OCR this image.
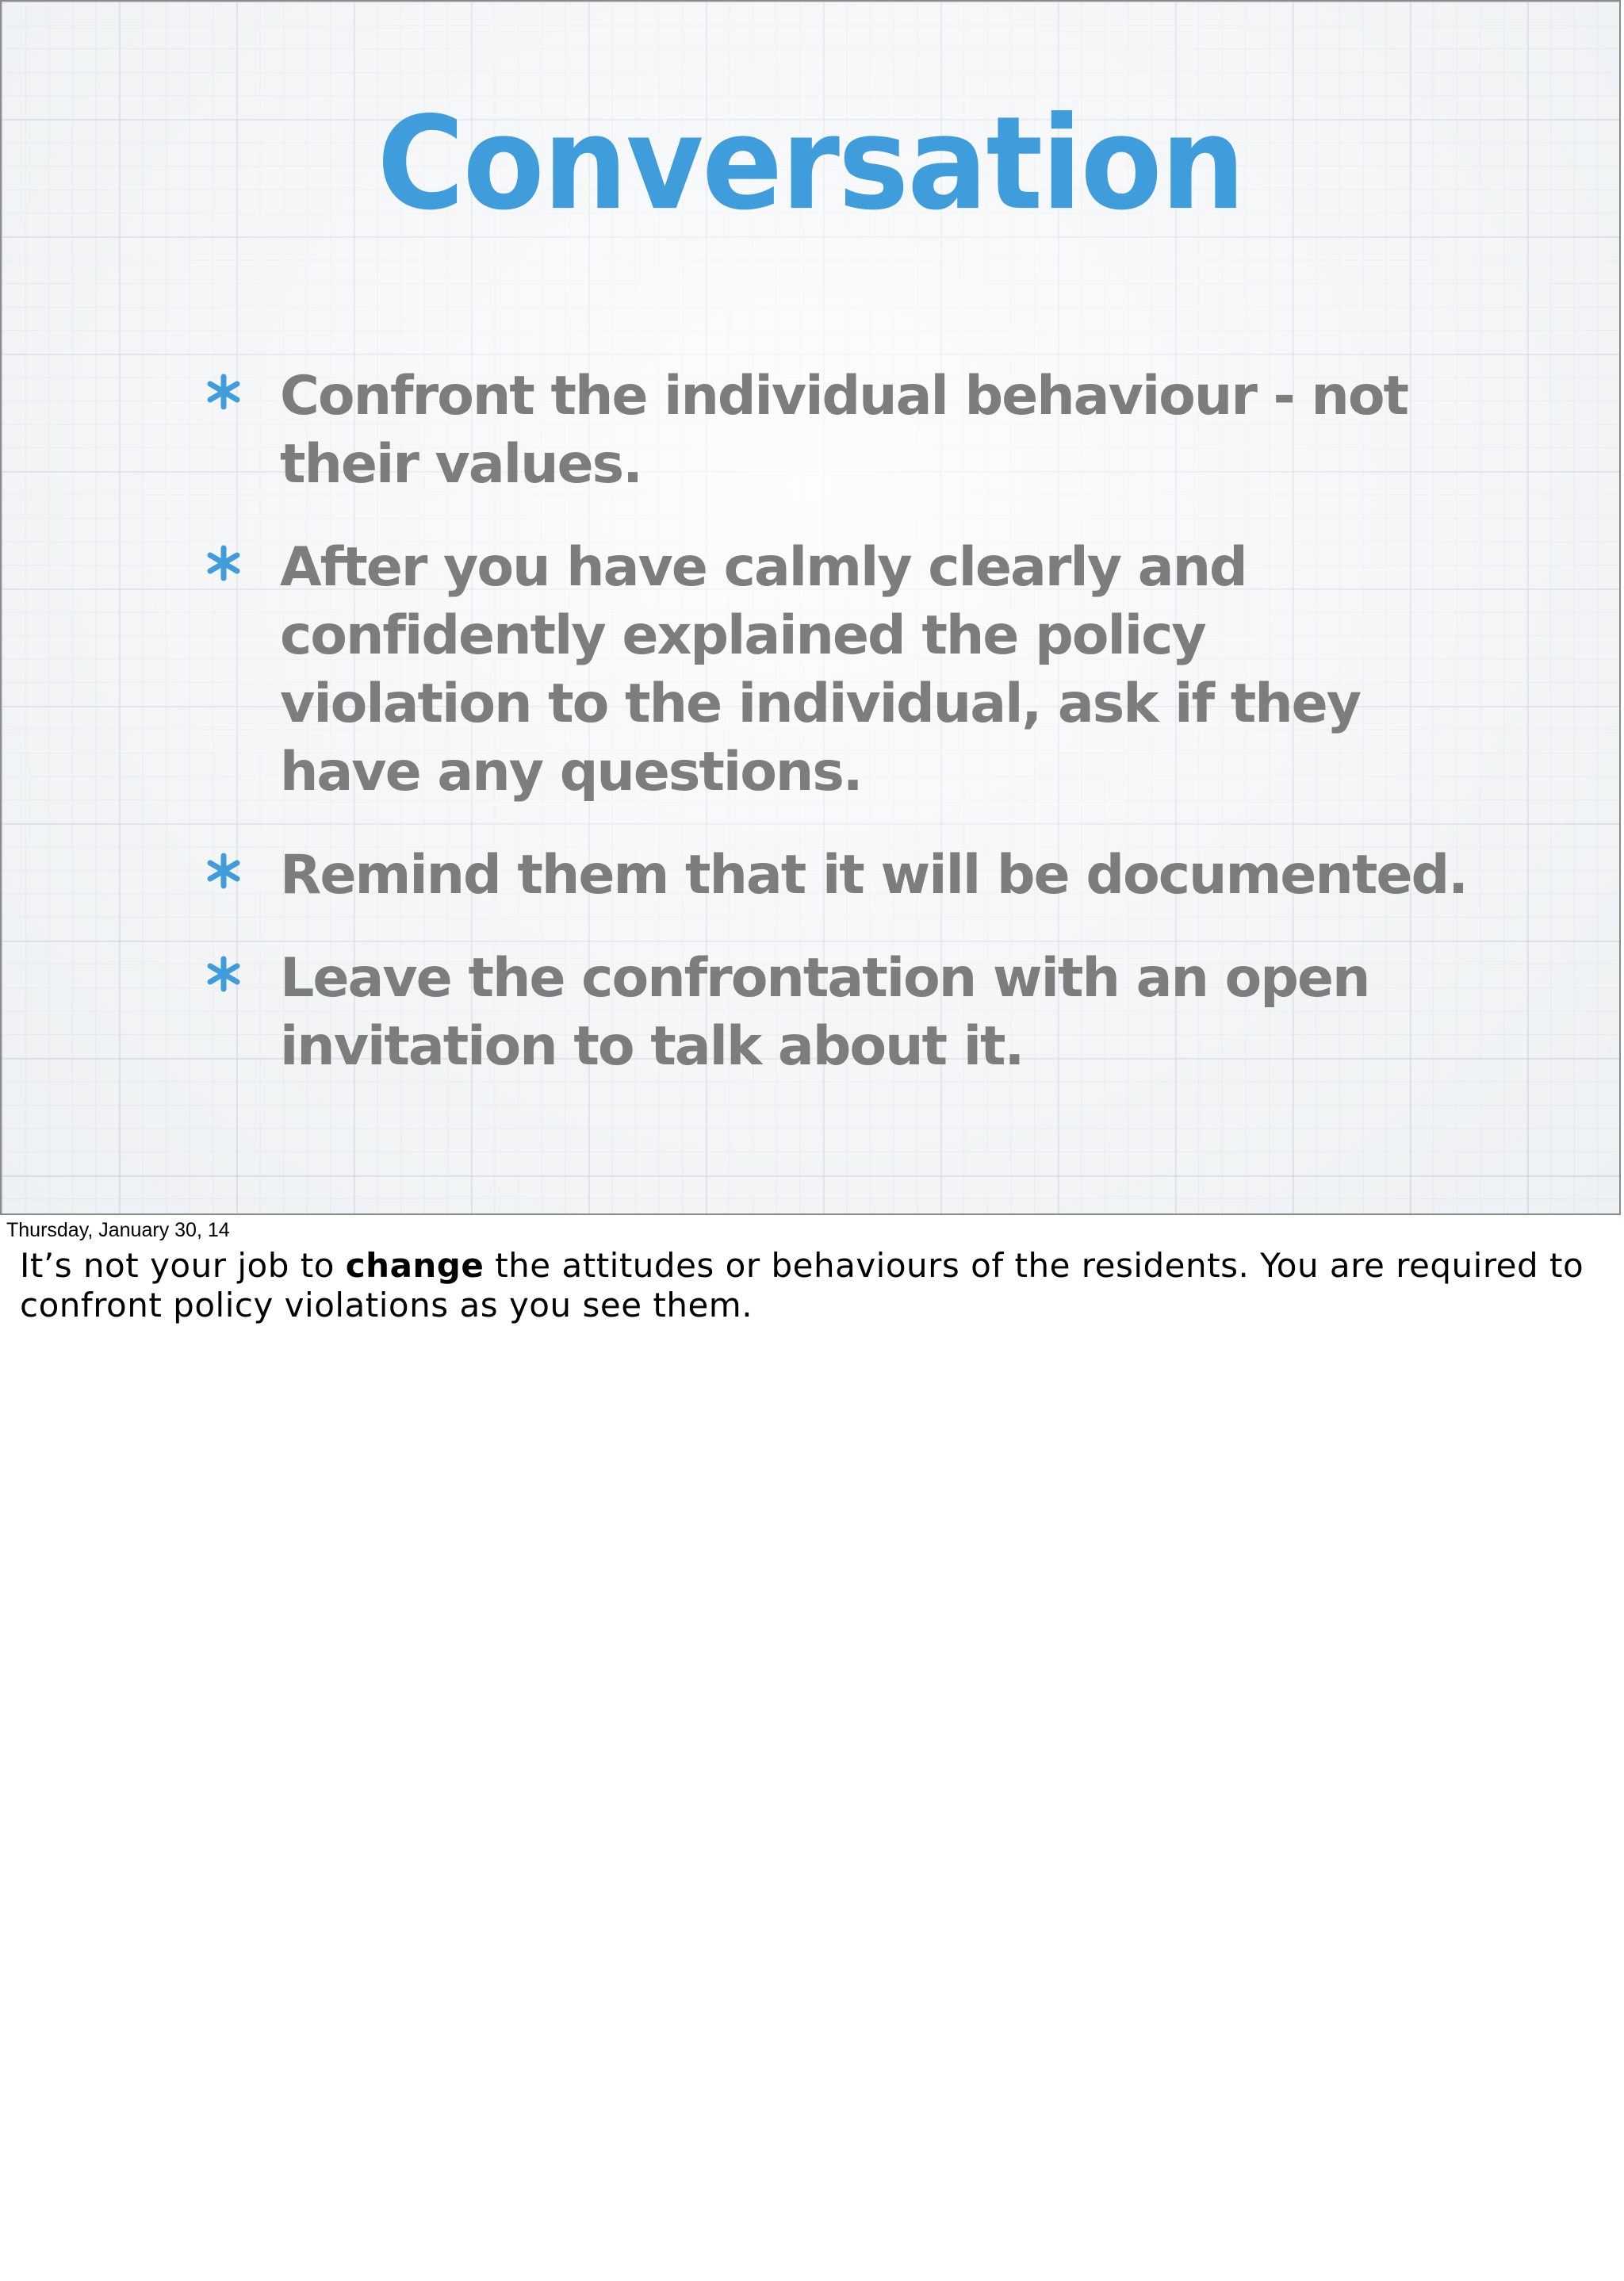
Conversation
Confront the individual behaviour - not their values.
After you have calmly clearly and confidently explained the policy violation to the individual, ask if they have any questions.
Remind them that it will be documented.
Leave the confrontation with an open invitation to talk about it.
Thursday, January 30, 14
It’s not your job to change the attitudes or behaviours of the residents. You are required to confront policy violations as you see them.
